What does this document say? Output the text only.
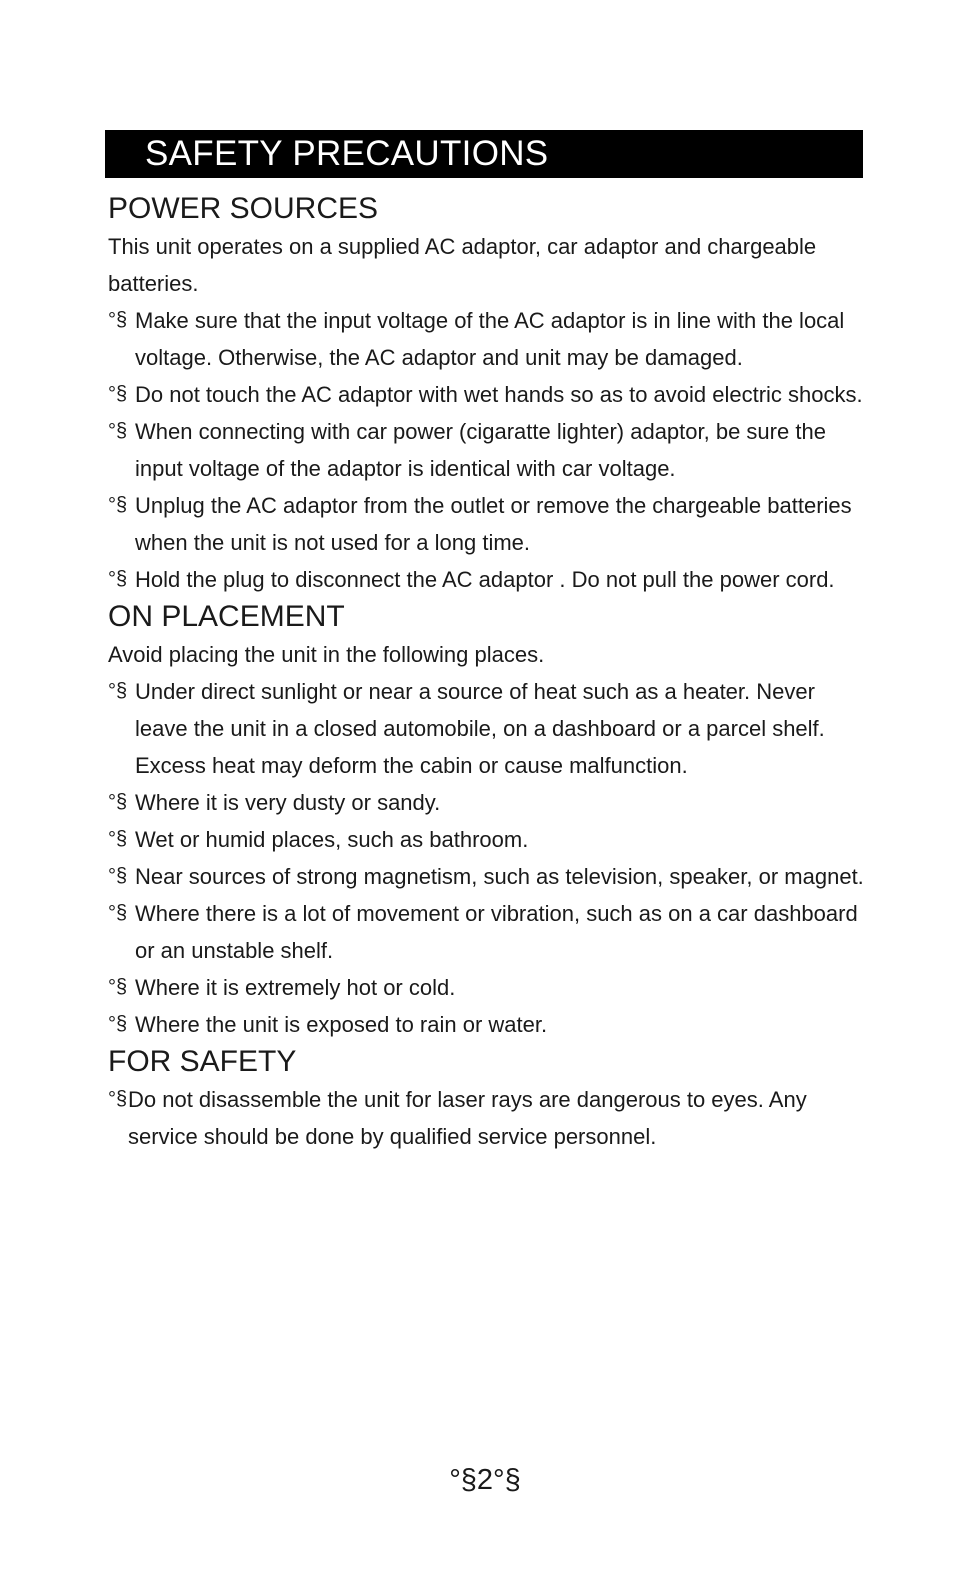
SAFETY PRECAUTIONS
POWER SOURCES

This unit operates on a supplied AC adaptor, car adaptor and chargeable batteries.

°§ Make sure that the input voltage of the AC adaptor is in line with the local voltage. Otherwise, the AC adaptor and unit may be damaged.
°§ Do not touch the AC adaptor with wet hands so as to avoid electric shocks.
°§ When connecting with car power (cigaratte lighter) adaptor, be sure the input voltage of the adaptor is identical with car voltage.
°§ Unplug the AC adaptor from the outlet or remove the chargeable batteries when the unit is not used for a long time.
°§ Hold the plug to disconnect the AC adaptor . Do not pull the power cord.
ON PLACEMENT

Avoid placing the unit in the following places.

°§ Under direct sunlight or near a source of heat such as a heater. Never leave the unit in a closed automobile, on a dashboard or a parcel shelf. Excess heat may deform the cabin or cause malfunction.
°§ Where it is very dusty or sandy.
°§ Wet or humid places, such as bathroom.
°§ Near sources of strong magnetism, such as television, speaker, or magnet.
°§ Where there is a lot of movement or vibration, such as on a car dashboard or an unstable shelf.
°§ Where it is extremely hot or cold.
°§ Where the unit is exposed to rain or water.
FOR SAFETY
°§ Do not disassemble the unit for laser rays are dangerous to eyes. Any service should be done by qualified service personnel.
°§2°§
